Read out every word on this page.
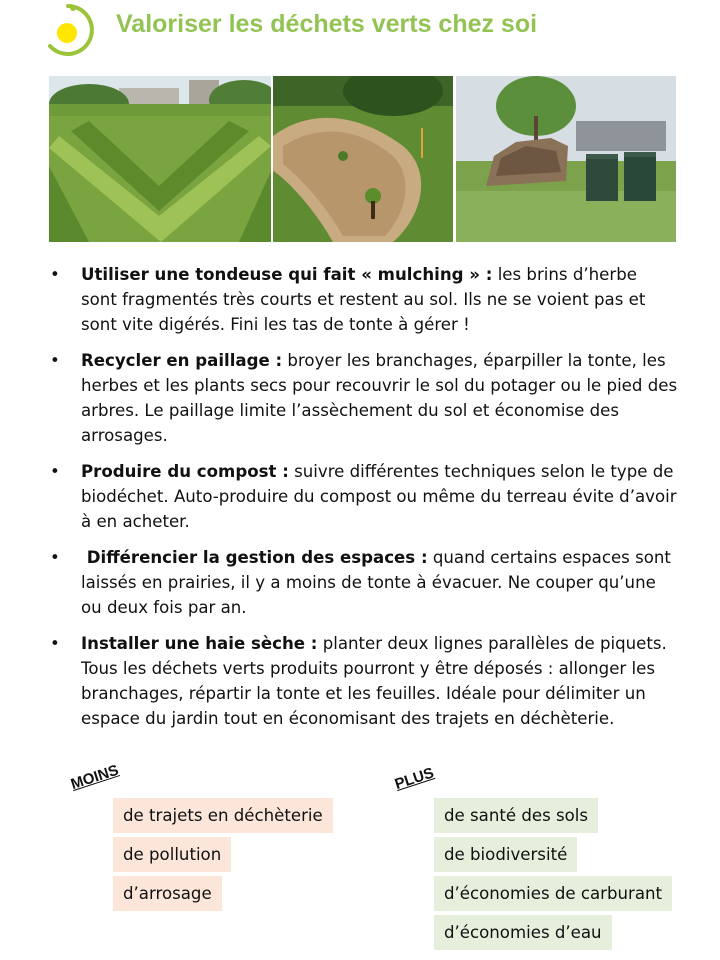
Valoriser les déchets verts chez soi
• Utiliser une tondeuse qui fait « mulching » : les brins d’herbe sont fragmentés très courts et restent au sol. Ils ne se voient pas et sont vite digérés. Fini les tas de tonte à gérer !
• Recycler en paillage : broyer les branchages, éparpiller la tonte, les herbes et les plants secs pour recouvrir le sol du potager ou le pied des arbres. Le paillage limite l’assèchement du sol et économise des arrosages.
• Produire du compost : suivre différentes techniques selon le type de biodéchet. Auto-produire du compost ou même du terreau évite d’avoir à en acheter.
• Différencier la gestion des espaces : quand certains espaces sont laissés en prairies, il y a moins de tonte à évacuer. Ne couper qu’une ou deux fois par an.
• Installer une haie sèche : planter deux lignes parallèles de piquets. Tous les déchets verts produits pourront y être déposés : allonger les branchages, répartir la tonte et les feuilles. Idéale pour délimiter un espace du jardin tout en économisant des trajets en déchèterie.
MOINS
de trajets en déchèterie
de pollution
d’arrosage
PLUS
de santé des sols
de biodiversité
d’économies de carburant
d’économies d’eau
